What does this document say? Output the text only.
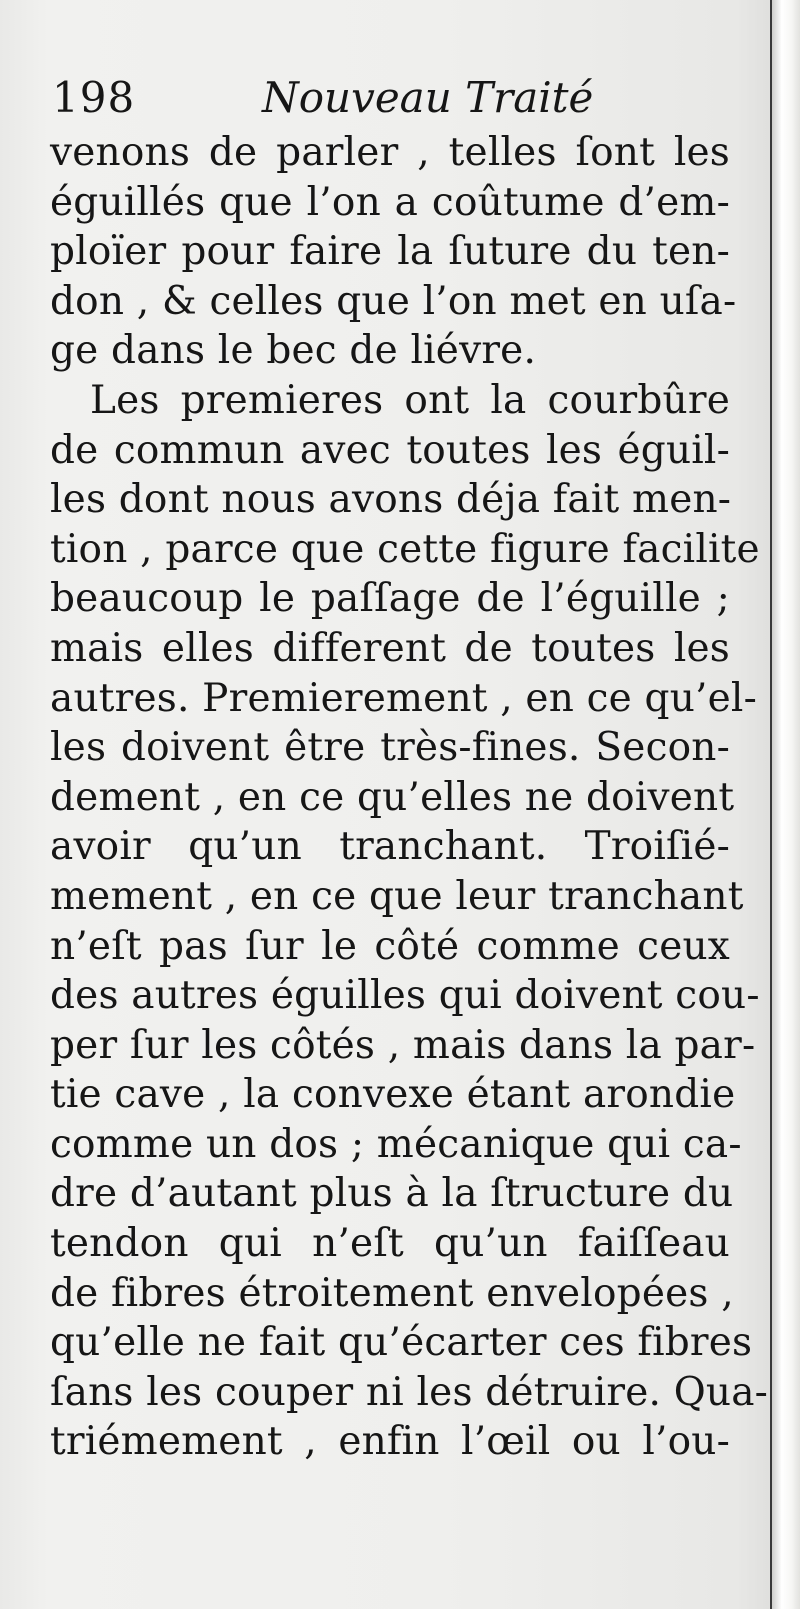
198	Nouveau Traité
venons de parler , telles ſont les
éguillés que l’on a coûtume d’em-
ploïer pour faire la ſuture du ten-
don , & celles que l’on met en uſa-
ge dans le bec de liévre.
Les premieres ont la courbûre
de commun avec toutes les éguil-
les dont nous avons déja fait men-
tion , parce que cette figure facilite
beaucoup le paſſage de l’éguille ;
mais elles different de toutes les
autres. Premierement , en ce qu’el-
les doivent être très-fines. Secon-
dement , en ce qu’elles ne doivent
avoir qu’un tranchant. Troiſié-
mement , en ce que leur tranchant
n’eſt pas ſur le côté comme ceux
des autres éguilles qui doivent cou-
per ſur les côtés , mais dans la par-
tie cave , la convexe étant arondie
comme un dos ; mécanique qui ca-
dre d’autant plus à la ſtructure du
tendon qui n’eſt qu’un faiſſeau
de fibres étroitement envelopées ,
qu’elle ne fait qu’écarter ces fibres
ſans les couper ni les détruire. Qua-
triémement , enfin l’œil ou l’ou-
